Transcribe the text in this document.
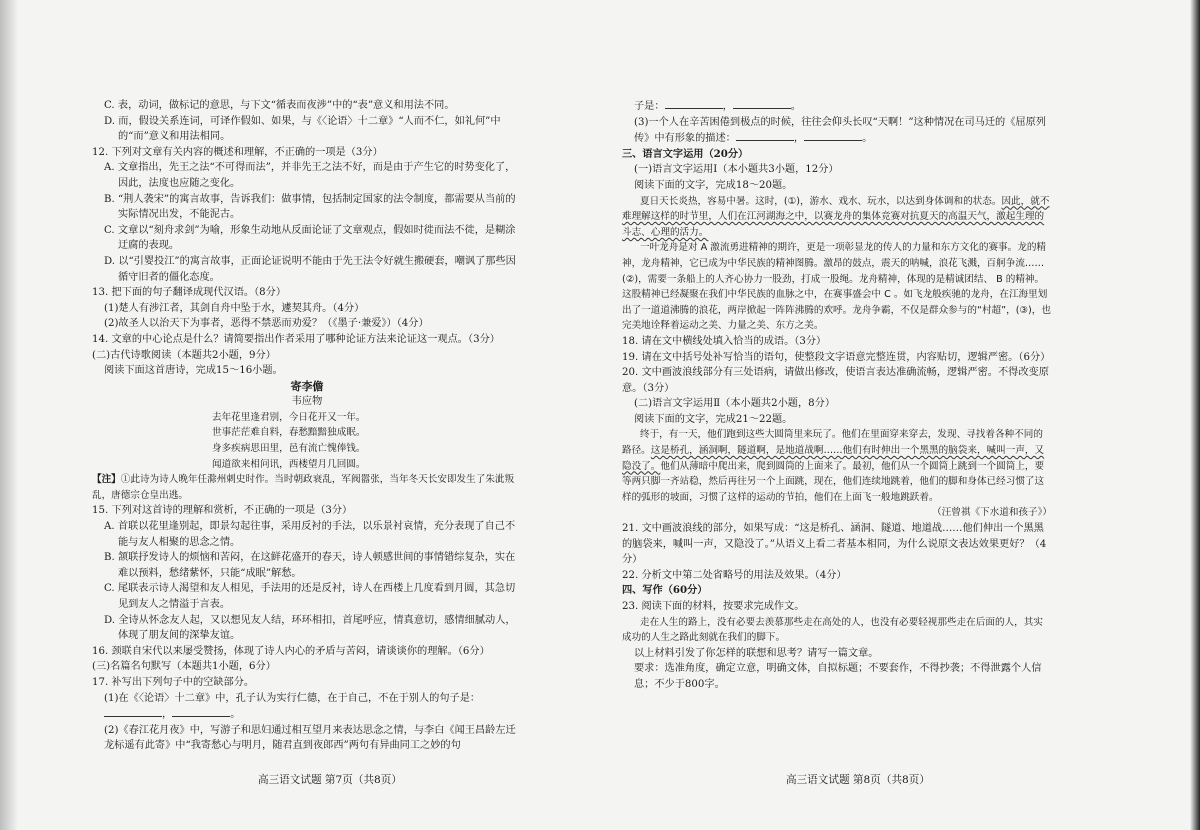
C. 表，动词，做标记的意思，与下文“循表而夜涉”中的“表”意义和用法不同。

D. 而，假设关系连词，可译作假如、如果，与《〈论语〉十二章》“人而不仁，如礼何”中的“而”意义和用法相同。

12. 下列对文章有关内容的概述和理解，不正确的一项是（3分）

A. 文章指出，先王之法“不可得而法”，并非先王之法不好，而是由于产生它的时势变化了，因此，法度也应随之变化。

B. “荆人袭宋”的寓言故事，告诉我们：做事情，包括制定国家的法令制度，都需要从当前的实际情况出发，不能泥古。

C. 文章以“刻舟求剑”为喻，形象生动地从反面论证了文章观点，假如时徙而法不徙，是糊涂迂腐的表现。

D. 以“引婴投江”的寓言故事，正面论证说明不能由于先王法令好就生搬硬套，嘲讽了那些因循守旧者的僵化态度。

13. 把下面的句子翻译成现代汉语。（8分）

(1)楚人有涉江者，其剑自舟中坠于水，遽契其舟。（4分）

(2)故圣人以治天下为事者，恶得不禁恶而劝爱？（《墨子·兼爱》）（4分）

14. 文章的中心论点是什么？请简要指出作者采用了哪种论证方法来论证这一观点。（3分）

(二)古代诗歌阅读（本题共2小题，9分）

阅读下面这首唐诗，完成15～16小题。

寄李儋

韦应物

去年花里逢君别，今日花开又一年。

世事茫茫难自料，春愁黯黯独成眠。

身多疾病思田里，邑有流亡愧俸钱。

闻道欲来相问讯，西楼望月几回圆。

【注】①此诗为诗人晚年任滁州刺史时作。当时朝政衰乱，军阀嚣张，当年冬天长安即发生了朱泚叛乱，唐德宗仓皇出逃。

15. 下列对这首诗的理解和赏析，不正确的一项是（3分）

A. 首联以花里逢别起，即景勾起往事，采用反衬的手法，以乐景衬哀情，充分表现了自己不能与友人相聚的思念之情。

B. 颔联抒发诗人的烦恼和苦闷，在这鲜花盛开的春天，诗人顿感世间的事情错综复杂，实在难以预料，愁绪紫怀，只能“成眠”解愁。

C. 尾联表示诗人渴望和友人相见，手法用的还是反衬，诗人在西楼上几度看到月圆，其急切见到友人之情溢于言表。

D. 全诗从怀念友人起，又以想见友人结，环环相扣，首尾呼应，情真意切，感情细腻动人，体现了朋友间的深挚友谊。

16. 颈联自宋代以来屡受赞扬，体现了诗人内心的矛盾与苦闷，请谈谈你的理解。（6分）

(三)名篇名句默写（本题共1小题，6分）

17. 补写出下列句子中的空缺部分。

(1)在《〈论语〉十二章》中，孔子认为实行仁德，在于自己，不在于别人的句子是：，	。

(2)《春江花月夜》中，写游子和思妇通过相互望月来表达思念之情，与李白《闻王昌龄左迁龙标遥有此寄》中“我寄愁心与明月，随君直到夜郎西”两句有异曲同工之妙的句

子是：	，	。

(3)一个人在辛苦困倦到极点的时候，往往会仰头长叹“天啊！”这种情况在司马迁的《屈原列传》中有形象的描述：	，	。

三、语言文字运用（20分）

(一)语言文字运用Ⅰ（本小题共3小题，12分）

阅读下面的文字，完成18～20题。

夏日天长炎热，容易中暑。这时，(①)，游水、戏水、玩水，以达到身体调和的状态。因此，就不难理解这样的时节里，人们在江河湖海之中，以赛龙舟的集体竞赛对抗夏天的高温天气，激起生理的斗志、心理的活力。

一叶龙舟是对 A 激流勇进精神的期许，更是一项彰显龙的传人的力量和东方文化的赛事。龙的精神，龙舟精神，它已成为中华民族的精神图腾。激昂的鼓点，震天的呐喊，浪花飞溅，百舸争流……(②)，需要一条船上的人齐心协力一股劲，打成一股绳。龙舟精神，体现的是精诚团结、 B 的精神。这股精神已经凝聚在我们中华民族的血脉之中，在赛事盛会中 C 。如飞龙般疾驰的龙舟，在江海里划出了一道道沸腾的浪花，两岸掀起一阵阵沸腾的欢呼。龙舟争霸，不仅是群众参与的“村超”，(③)，也完美地诠释着运动之美、力量之美、东方之美。

18. 请在文中横线处填入恰当的成语。（3分）

19. 请在文中括号处补写恰当的语句，使整段文字语意完整连贯，内容贴切，逻辑严密。（6分）

20. 文中画波浪线部分有三处语病，请做出修改，使语言表达准确流畅，逻辑严密。不得改变原意。（3分）

(二)语言文字运用Ⅱ（本小题共2小题，8分）

阅读下面的文字，完成21～22题。

终于，有一天，他们跑到这些大圆筒里来玩了。他们在里面穿来穿去，发现、寻找着各种不同的路径。这是桥孔，涵洞啊，隧道啊，是地道战啊……他们有时伸出一个黑黑的脑袋来，喊叫一声，又隐没了。他们从薄暗中爬出来，爬到圆筒的上面来了。最初，他们从一个圆筒上跳到一个圆筒上，要等两只脚一齐站稳，然后再往另一个上面跳，现在，他们连续地跳着，他们的脚和身体已经习惯了这样的弧形的坡面，习惯了这样的运动的节拍，他们在上面飞一般地跳跃着。

（汪曾祺《下水道和孩子》）

21. 文中画波浪线的部分，如果写成：“这是桥孔、涵洞、隧道、地道战……他们伸出一个黑黑的脑袋来，喊叫一声，又隐没了。”从语义上看二者基本相同，为什么说原文表达效果更好？（4分）

22. 分析文中第二处省略号的用法及效果。（4分）

四、写作（60分）

23. 阅读下面的材料，按要求完成作文。

走在人生的路上，没有必要去羡慕那些走在高处的人，也没有必要轻视那些走在后面的人，其实成功的人生之路此刻就在我们的脚下。

以上材料引发了你怎样的联想和思考？请写一篇文章。

要求：选准角度，确定立意，明确文体，自拟标题；不要套作，不得抄袭；不得泄露个人信息；不少于800字。

高三语文试题 第7页（共8页）	高三语文试题 第8页（共8页）
